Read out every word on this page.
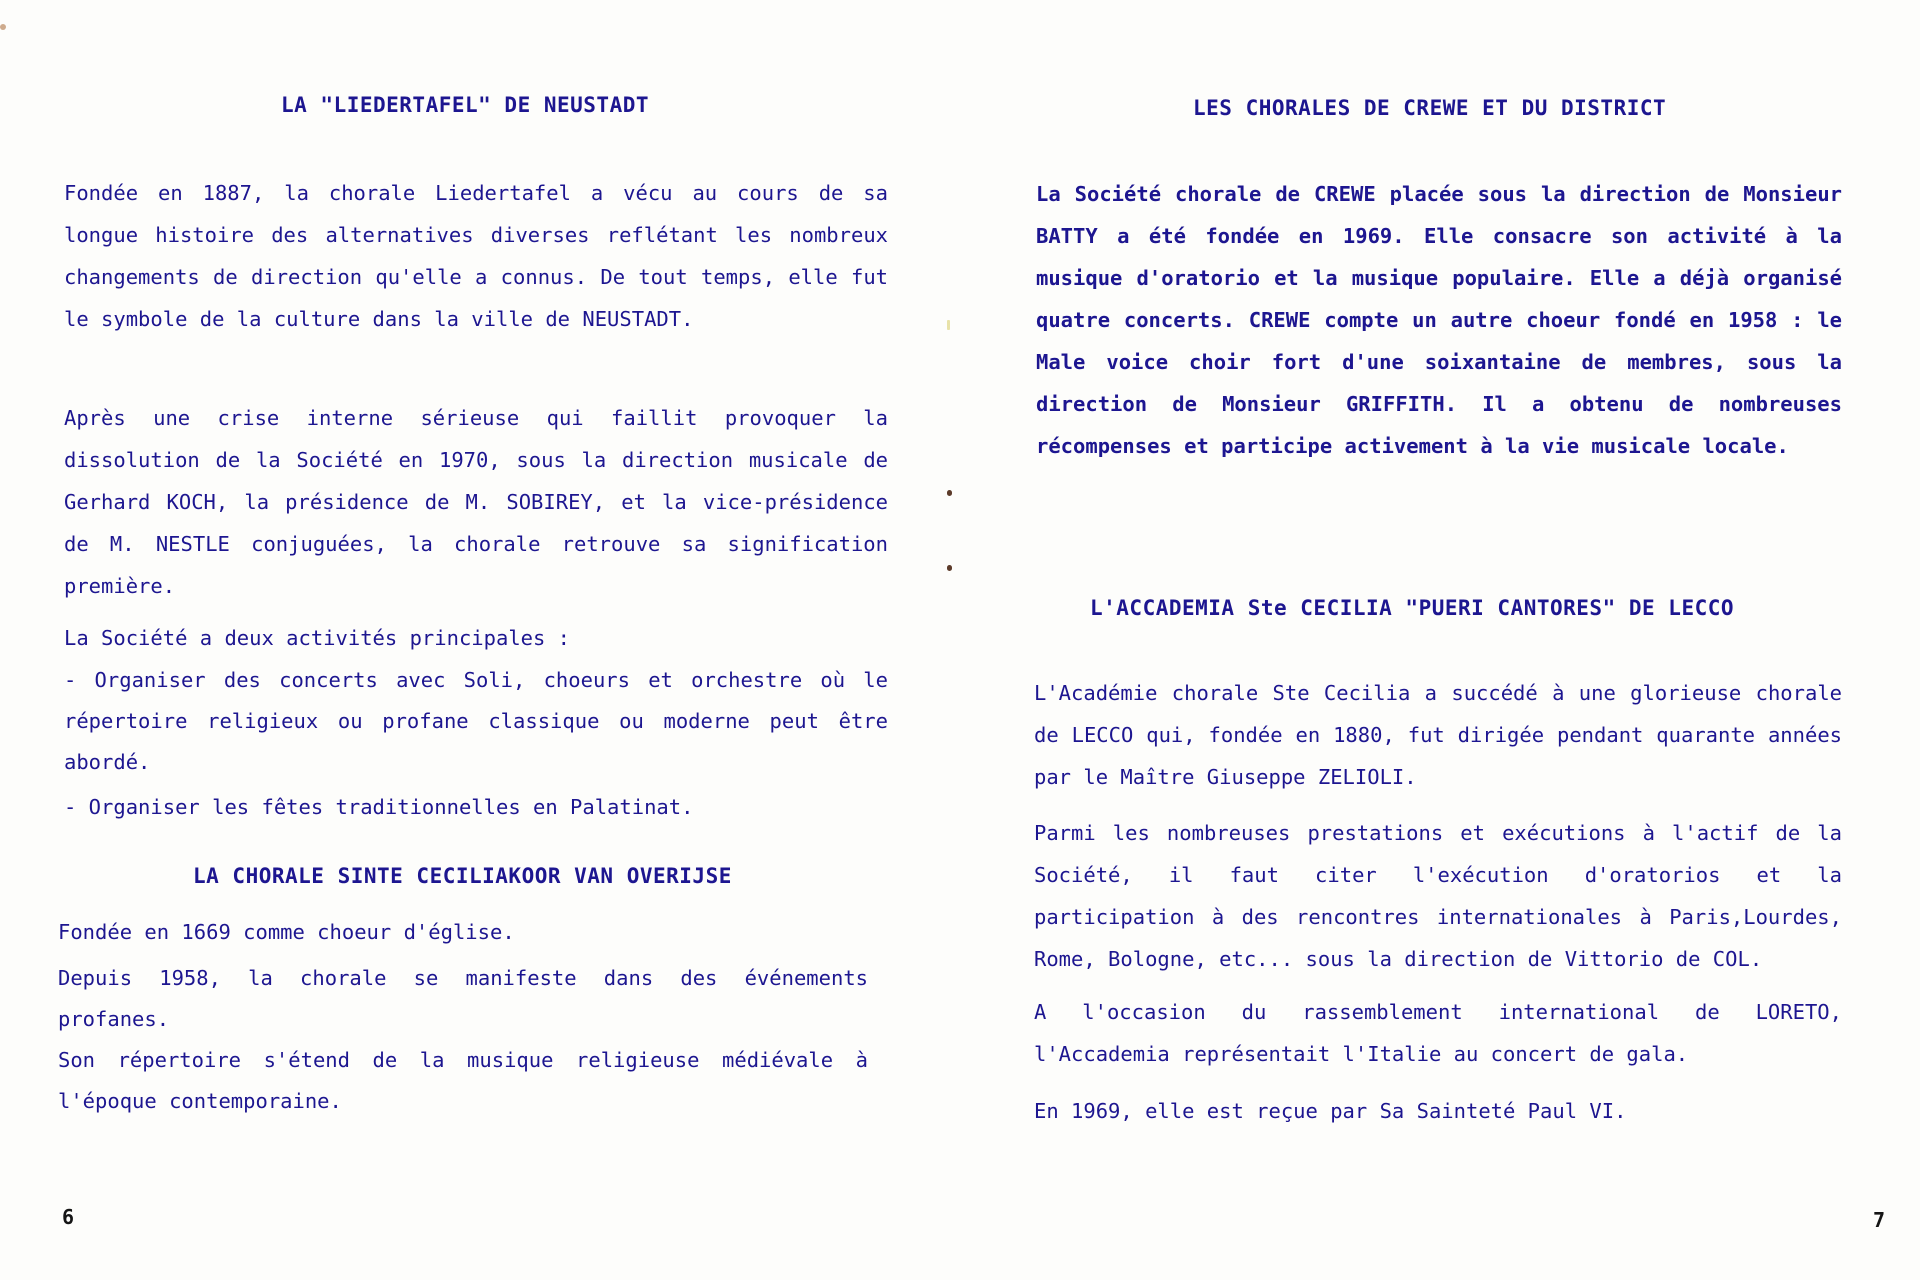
LA "LIEDERTAFEL" DE NEUSTADT

Fondée en 1887, la chorale Liedertafel a vécu au cours de sa longue histoire des alternatives diverses reflétant les nombreux changements de direction qu'elle a connus. De tout temps, elle fut le symbole de la culture dans la ville de NEUSTADT.

Après une crise interne sérieuse qui faillit provoquer la dissolution de la Société en 1970, sous la direction musicale de Gerhard KOCH, la présidence de M. SOBIREY, et la vice-présidence de M. NESTLE conjuguées, la chorale retrouve sa signification première.

La Société a deux activités principales :

- Organiser des concerts avec Soli, choeurs et orchestre où le répertoire religieux ou profane classique ou moderne peut être abordé.

- Organiser les fêtes traditionnelles en Palatinat.

LA CHORALE SINTE CECILIAKOOR VAN OVERIJSE

Fondée en 1669 comme choeur d'église.

Depuis 1958, la chorale se manifeste dans des événements profanes.

Son répertoire s'étend de la musique religieuse médiévale à l'époque contemporaine.

6
LES CHORALES DE CREWE ET DU DISTRICT

La Société chorale de CREWE placée sous la direction de Monsieur BATTY a été fondée en 1969. Elle consacre son activité à la musique d'oratorio et la musique populaire. Elle a déjà organisé quatre concerts. CREWE compte un autre choeur fondé en 1958 : le Male voice choir fort d'une soixantaine de membres, sous la direction de Monsieur GRIFFITH. Il a obtenu de nombreuses récompenses et participe activement à la vie musicale locale.

L'ACCADEMIA Ste CECILIA "PUERI CANTORES" DE LECCO

L'Académie chorale Ste Cecilia a succédé à une glorieuse chorale de LECCO qui, fondée en 1880, fut dirigée pendant quarante années par le Maître Giuseppe ZELIOLI.

Parmi les nombreuses prestations et exécutions à l'actif de la Société, il faut citer l'exécution d'oratorios et la participation à des rencontres internationales à Paris,Lourdes, Rome, Bologne, etc... sous la direction de Vittorio de COL.

A l'occasion du rassemblement international de LORETO, l'Accademia représentait l'Italie au concert de gala.

En 1969, elle est reçue par Sa Sainteté Paul VI.

7
